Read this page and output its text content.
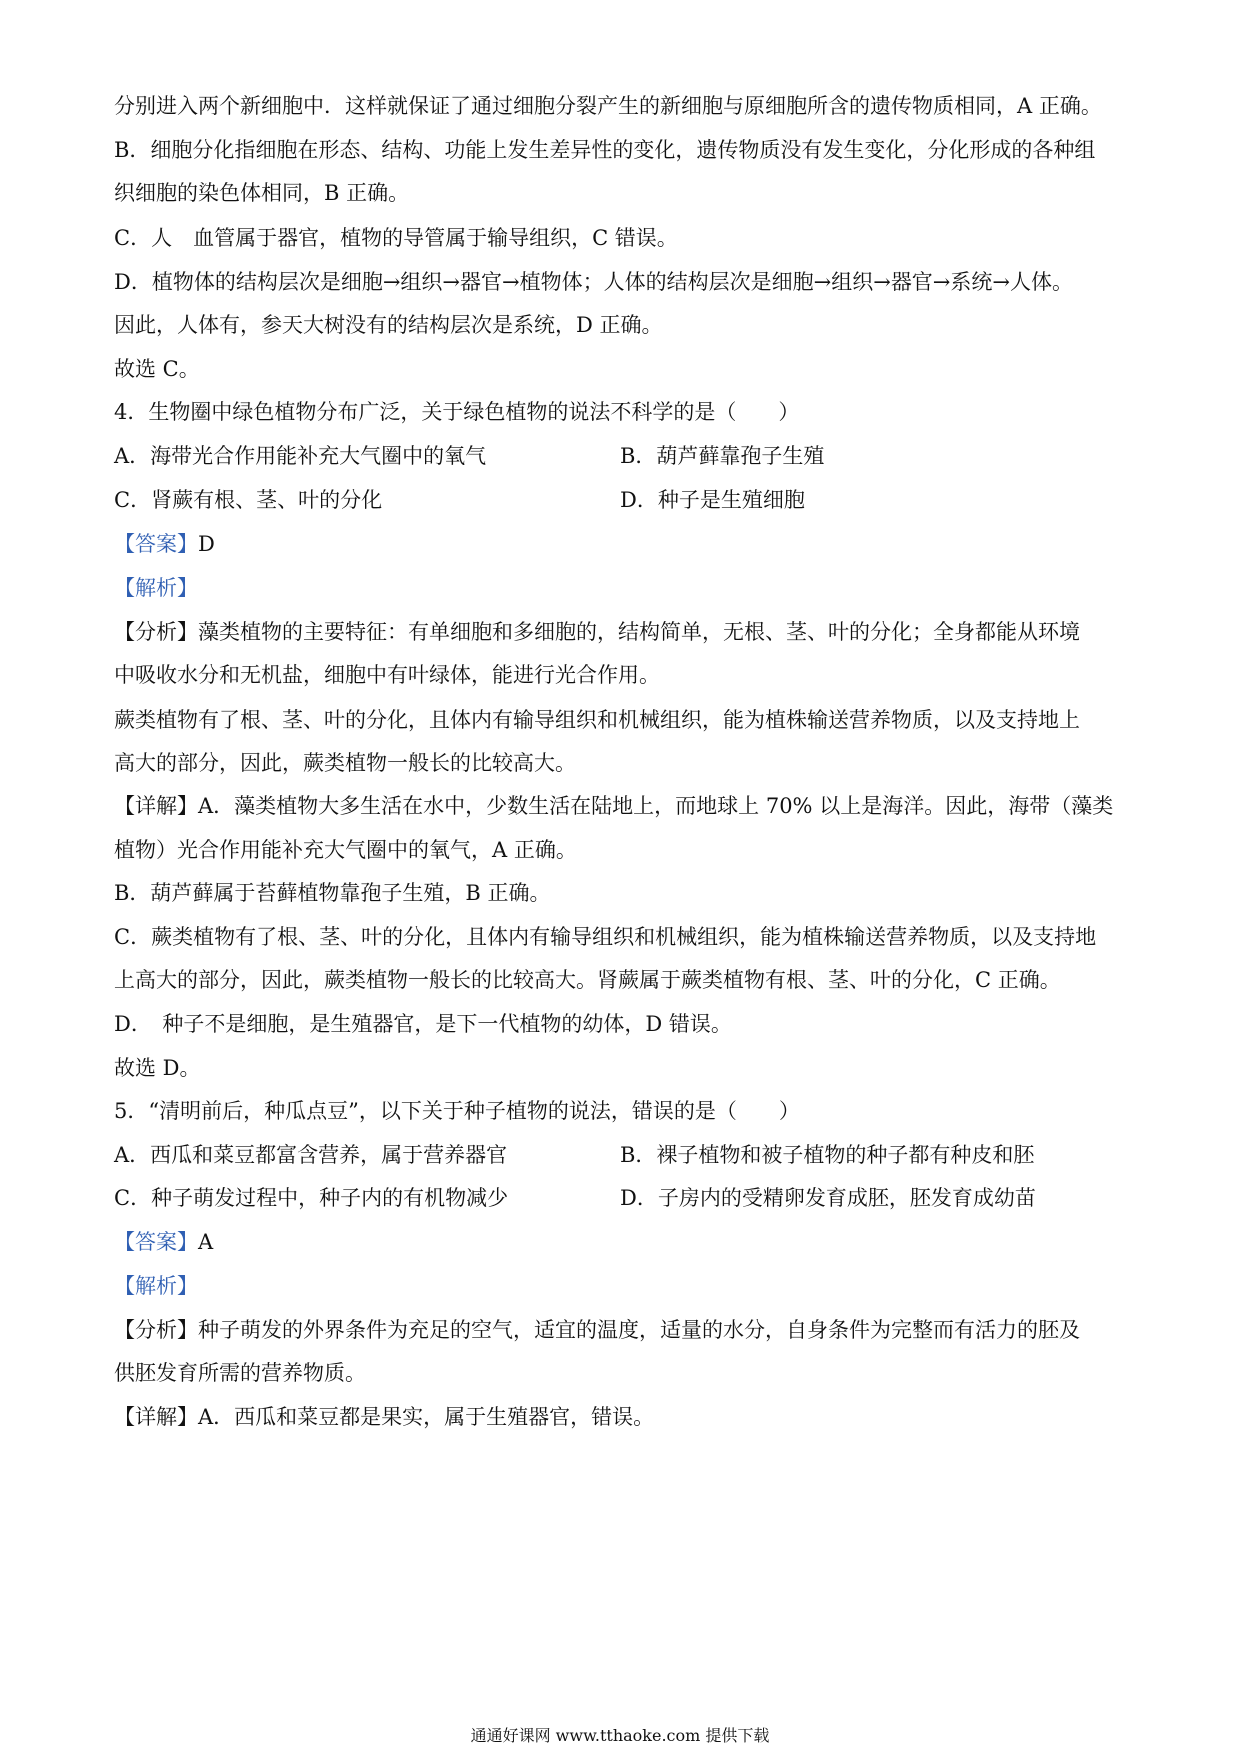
分别进入两个新细胞中．这样就保证了通过细胞分裂产生的新细胞与原细胞所含的遗传物质相同，A 正确。
B．细胞分化指细胞在形态、结构、功能上发生差异性的变化，遗传物质没有发生变化，分化形成的各种组
织细胞的染色体相同，B 正确。
C．人　血管属于器官，植物的导管属于输导组织，C 错误。
D．植物体的结构层次是细胞→组织→器官→植物体；人体的结构层次是细胞→组织→器官→系统→人体。
因此，人体有，参天大树没有的结构层次是系统，D 正确。
故选 C。
4．生物圈中绿色植物分布广泛，关于绿色植物的说法不科学的是（　　）
A．海带光合作用能补充大气圈中的氧气	B．葫芦藓靠孢子生殖
C．肾蕨有根、茎、叶的分化	D．种子是生殖细胞
【答案】D
【解析】
【分析】藻类植物的主要特征：有单细胞和多细胞的，结构简单，无根、茎、叶的分化；全身都能从环境
中吸收水分和无机盐，细胞中有叶绿体，能进行光合作用。
蕨类植物有了根、茎、叶的分化，且体内有输导组织和机械组织，能为植株输送营养物质，以及支持地上
高大的部分，因此，蕨类植物一般长的比较高大。
【详解】A．藻类植物大多生活在水中，少数生活在陆地上，而地球上 70% 以上是海洋。因此，海带（藻类
植物）光合作用能补充大气圈中的氧气，A 正确。
B．葫芦藓属于苔藓植物靠孢子生殖，B 正确。
C．蕨类植物有了根、茎、叶的分化，且体内有输导组织和机械组织，能为植株输送营养物质，以及支持地
上高大的部分，因此，蕨类植物一般长的比较高大。肾蕨属于蕨类植物有根、茎、叶的分化，C 正确。
D．　种子不是细胞，是生殖器官，是下一代植物的幼体，D 错误。
故选 D。
5．“清明前后，种瓜点豆”，以下关于种子植物的说法，错误的是（　　）
A．西瓜和菜豆都富含营养，属于营养器官	B．裸子植物和被子植物的种子都有种皮和胚
C．种子萌发过程中，种子内的有机物减少	D．子房内的受精卵发育成胚，胚发育成幼苗
【答案】A
【解析】
【分析】种子萌发的外界条件为充足的空气，适宜的温度，适量的水分，自身条件为完整而有活力的胚及
供胚发育所需的营养物质。
【详解】A．西瓜和菜豆都是果实，属于生殖器官，错误。
通通好课网 www.tthaoke.com 提供下载
